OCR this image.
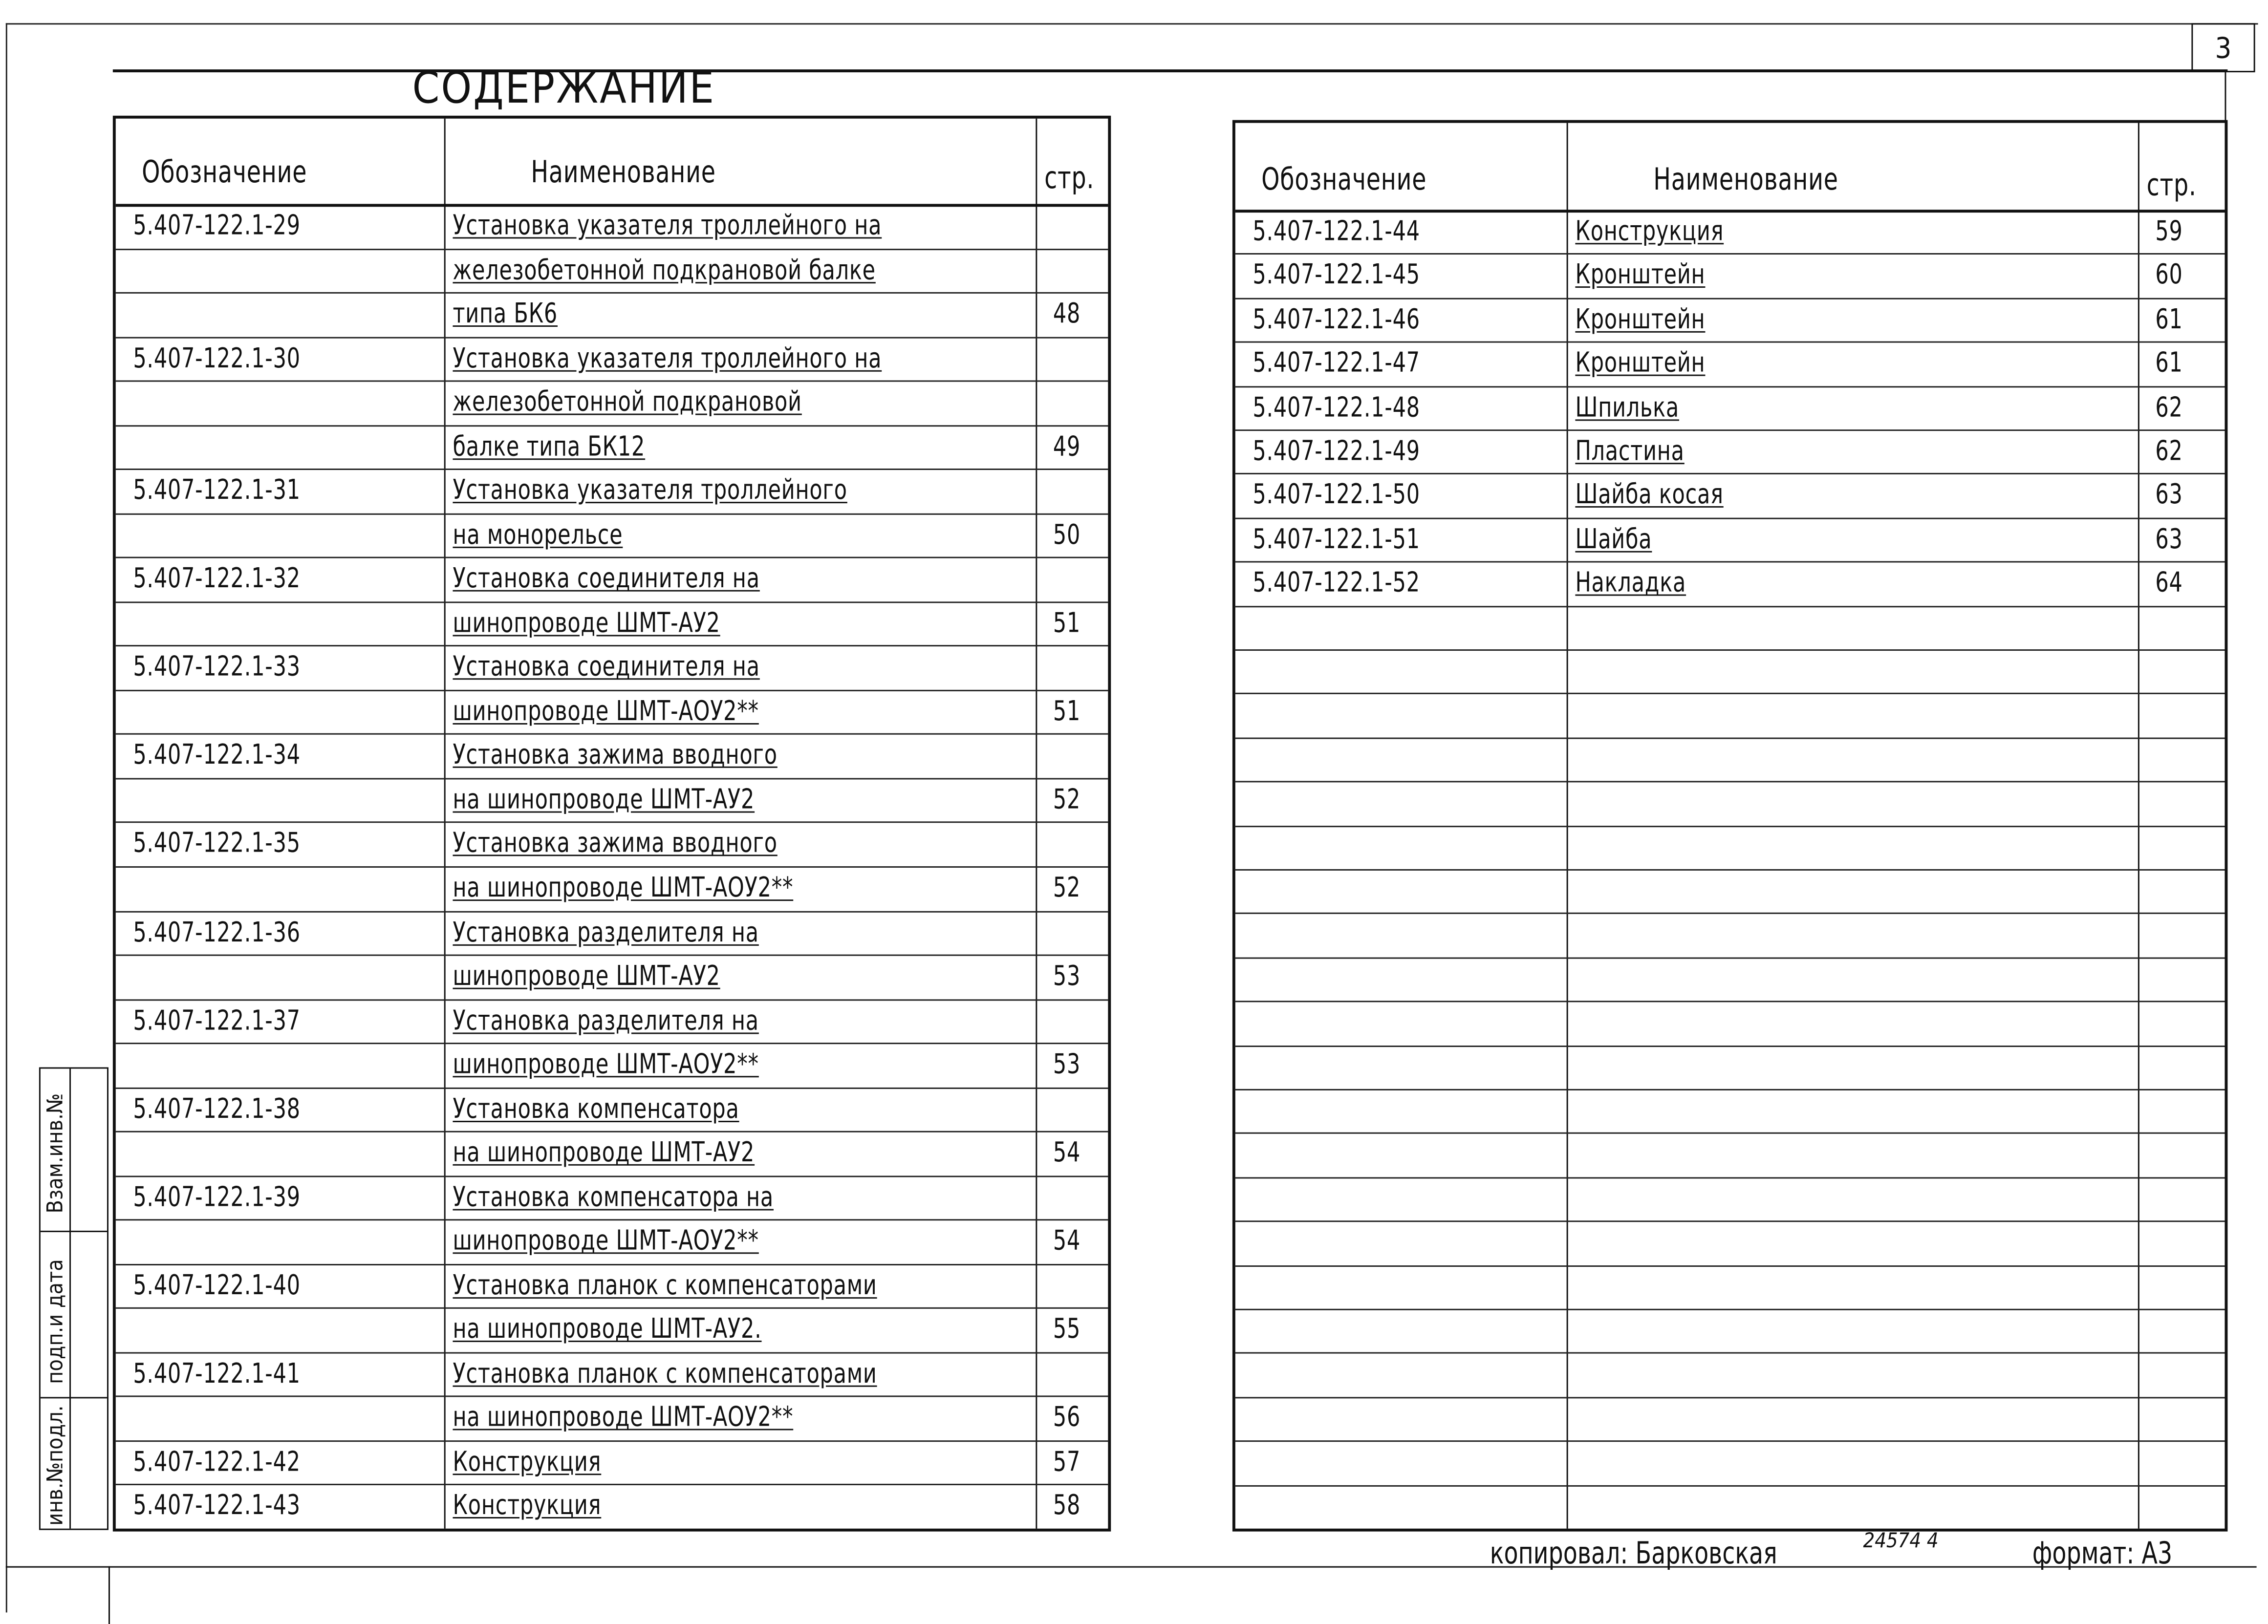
3
СОДЕРЖАНИЕ
Обозначение	Наименование	стр.
5.407-122.1-29	Установка указателя троллейного на
железобетонной подкрановой балке
типа БК6	48
5.407-122.1-30	Установка указателя троллейного на
железобетонной подкрановой
балке типа БК12	49
5.407-122.1-31	Установка указателя троллейного
на монорельсе	50
5.407-122.1-32	Установка соединителя на
шинопроводе ШМТ-АУ2	51
5.407-122.1-33	Установка соединителя на
шинопроводе ШМТ-АОУ2**	51
5.407-122.1-34	Установка зажима вводного
на шинопроводе ШМТ-АУ2	52
5.407-122.1-35	Установка зажима вводного
на шинопроводе ШМТ-АОУ2**	52
5.407-122.1-36	Установка разделителя на
шинопроводе ШМТ-АУ2	53
5.407-122.1-37	Установка разделителя на
шинопроводе ШМТ-АОУ2**	53
5.407-122.1-38	Установка компенсатора
на шинопроводе ШМТ-АУ2	54
5.407-122.1-39	Установка компенсатора на
шинопроводе ШМТ-АОУ2**	54
5.407-122.1-40	Установка планок с компенсаторами
на шинопроводе ШМТ-АУ2.	55
5.407-122.1-41	Установка планок с компенсаторами
на шинопроводе ШМТ-АОУ2**	56
5.407-122.1-42	Конструкция	57
5.407-122.1-43	Конструкция	58
Обозначение	Наименование	стр.
5.407-122.1-44	Конструкция	59
5.407-122.1-45	Кронштейн	60
5.407-122.1-46	Кронштейн	61
5.407-122.1-47	Кронштейн	61
5.407-122.1-48	Шпилька	62
5.407-122.1-49	Пластина	62
5.407-122.1-50	Шайба косая	63
5.407-122.1-51	Шайба	63
5.407-122.1-52	Накладка	64
Взам.инв.№
подп.и дата
инв.№подл.
копировал: Барковская	24574 4	формат: А3
